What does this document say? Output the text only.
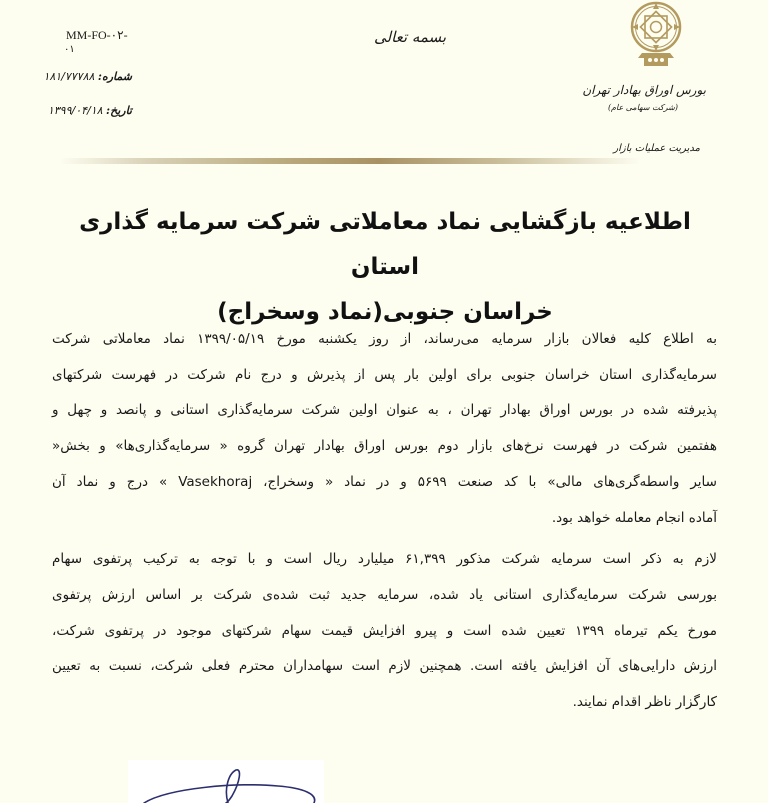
MM-FO-۰۲-
۰۱
شماره: ۱۸۱/۷۷۷۸۸
تاریخ: ۱۳۹۹/۰۴/۱۸
بسمه تعالی
بورس اوراق بهادار تهران
(شرکت سهامی عام)
مدیریت عملیات بازار
اطلاعیه بازگشایی نماد معاملاتی شرکت سرمایه گذاری استان
خراسان جنوبی(نماد وسخراج)

به اطلاع کلیه فعالان بازار سرمایه می‌رساند، از روز یکشنبه مورخ ۱۳۹۹/۰۵/۱۹ نماد معاملاتی شرکت
سرمایه‌گذاری استان خراسان جنوبی برای اولین بار پس از پذیرش و درج نام شرکت در فهرست شرکتهای
پذیرفته شده در بورس اوراق بهادار تهران ، به عنوان اولین شرکت سرمایه‌گذاری استانی و پانصد و چهل و
هفتمین شرکت در فهرست نرخ‌های بازار دوم بورس اوراق بهادار تهران گروه « سرمایه‌گذاری‌ها» و بخش«
سایر واسطه‌گری‌های مالی» با کد صنعت ۵۶۹۹ و در نماد « وسخراج، Vasekhoraj » درج و نماد آن
آماده انجام معامله خواهد بود.

لازم به ذکر است سرمایه شرکت مذکور ۶۱,۳۹۹ میلیارد ریال است و با توجه به ترکیب پرتفوی سهام
بورسی شرکت سرمایه‌گذاری استانی یاد شده، سرمایه جدید ثبت شده‌ی شرکت بر اساس ارزش پرتفوی
مورخ یکم تیرماه ۱۳۹۹ تعیین شده است و پیرو افزایش قیمت سهام شرکتهای موجود در پرتفوی شرکت،
ارزش دارایی‌های آن افزایش یافته است. همچنین لازم است سهامداران محترم فعلی شرکت، نسبت به تعیین
کارگزار ناظر اقدام نمایند.
